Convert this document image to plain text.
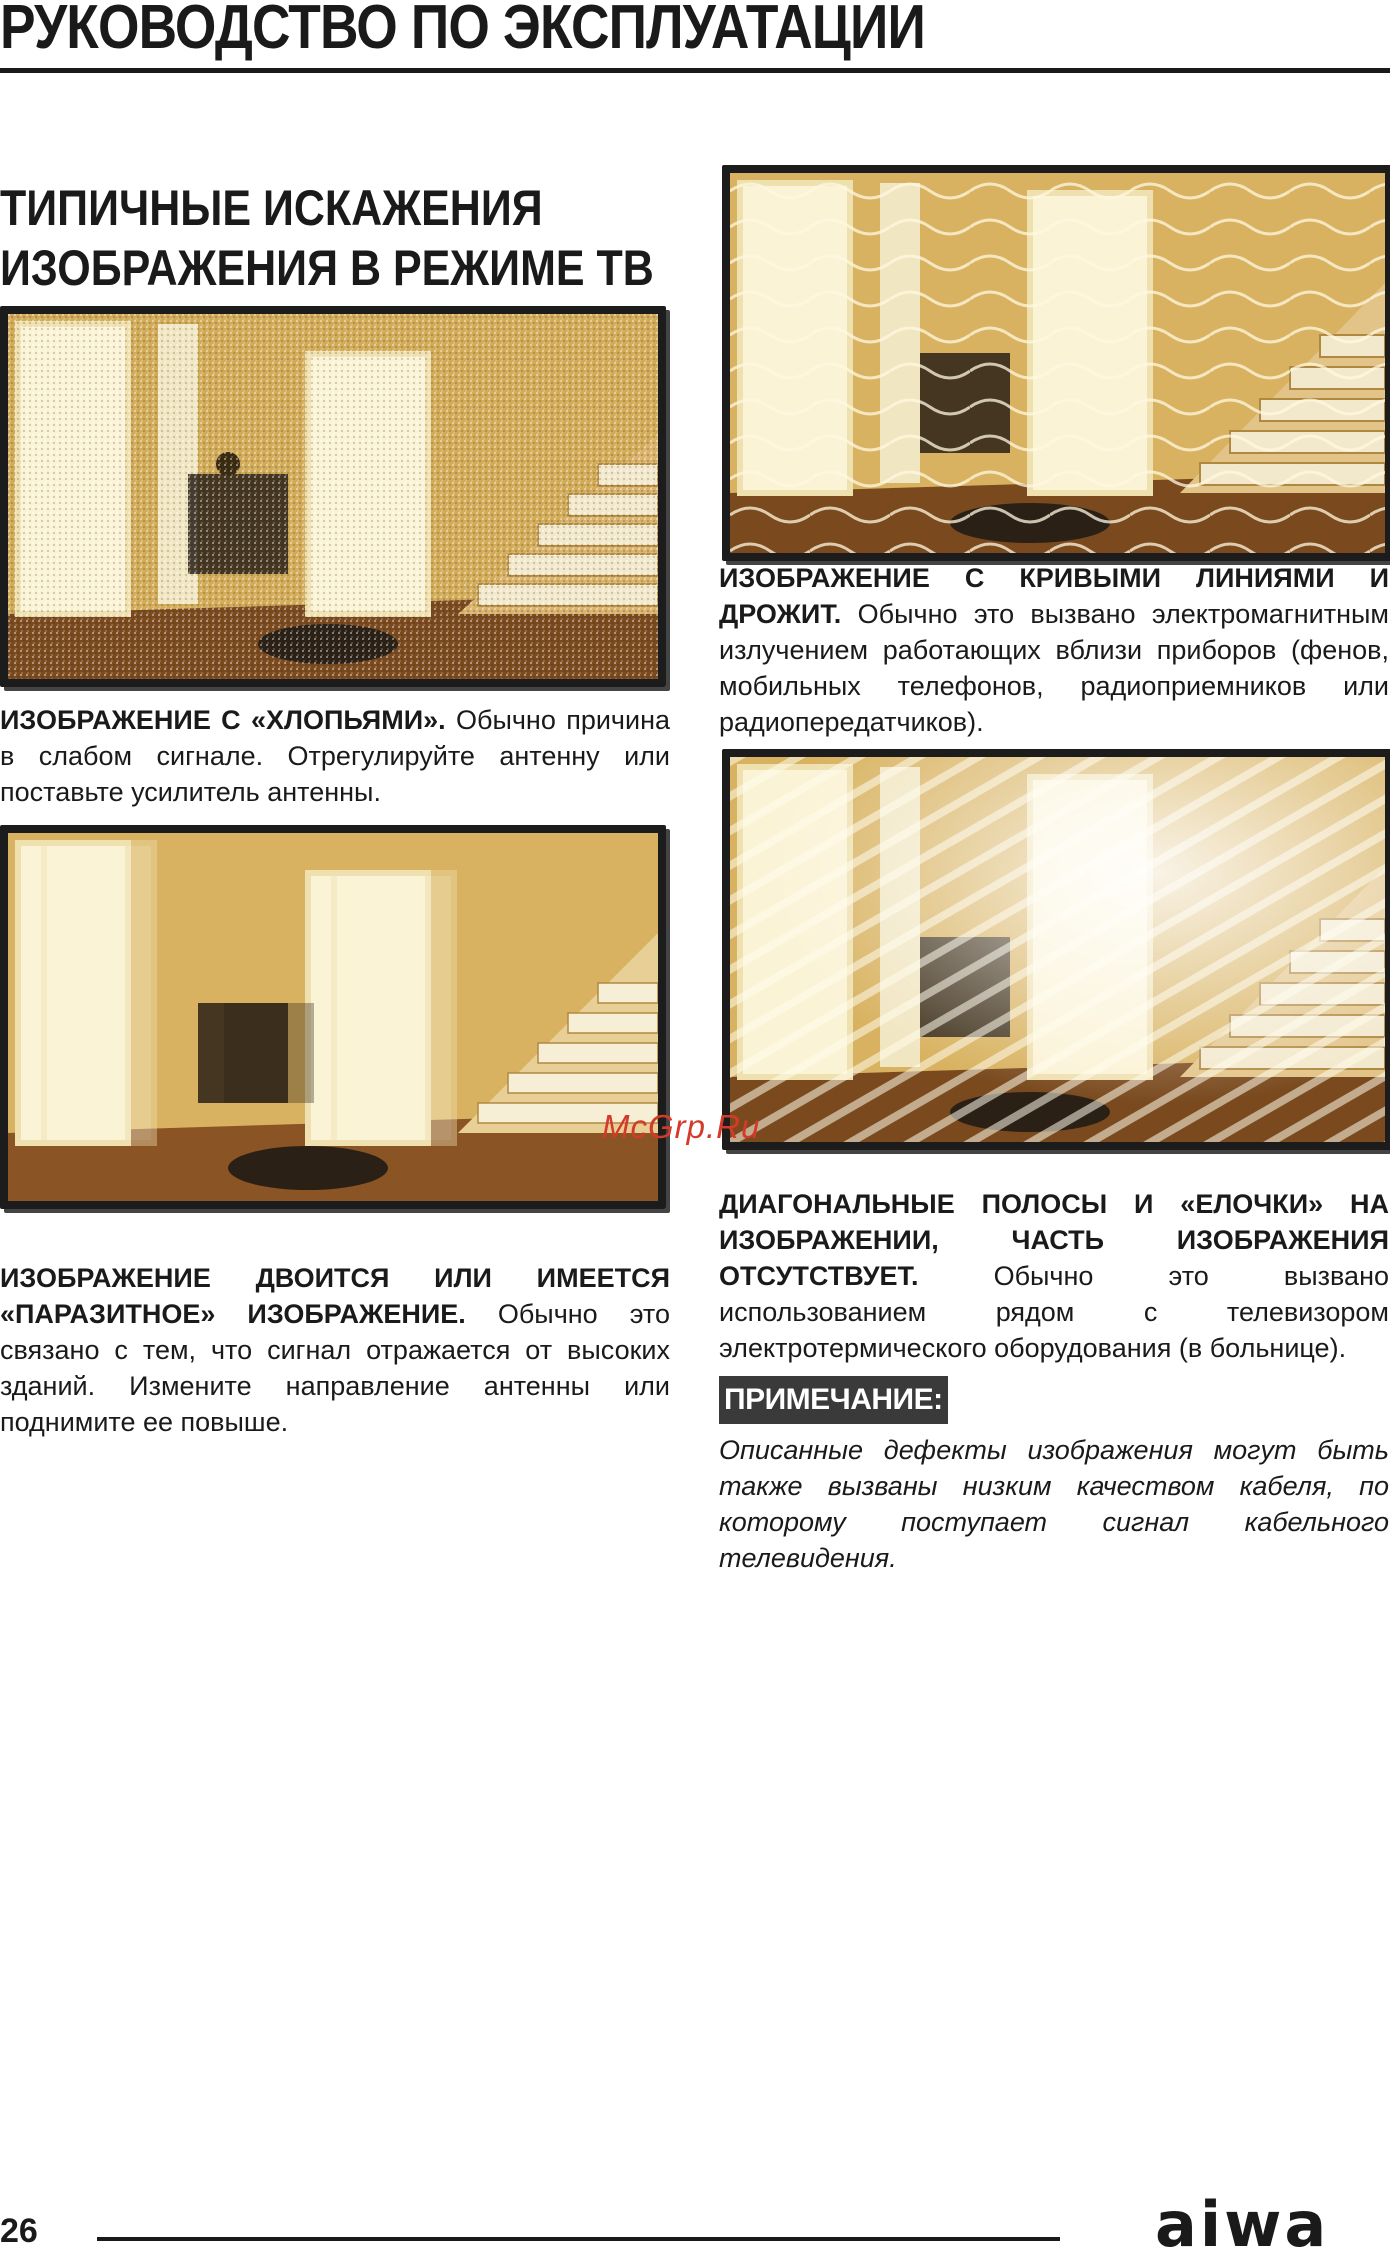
РУКОВОДСТВО ПО ЭКСПЛУАТАЦИИ
ТИПИЧНЫЕ ИСКАЖЕНИЯ
ИЗОБРАЖЕНИЯ В РЕЖИМЕ ТВ

ИЗОБРАЖЕНИЕ С «ХЛОПЬЯМИ». Обычно причина в слабом сигнале. Отрегулируйте антенну или поставьте усилитель антенны.

ИЗОБРАЖЕНИЕ ДВОИТСЯ ИЛИ ИМЕЕТСЯ «ПАРАЗИТНОЕ» ИЗОБРАЖЕНИЕ. Обычно это связано с тем, что сигнал отражается от высоких зданий. Измените направление антенны или поднимите ее повыше.

ИЗОБРАЖЕНИЕ С КРИВЫМИ ЛИНИЯМИ И ДРОЖИТ. Обычно это вызвано электромагнитным излучением работающих вблизи приборов (фенов, мобильных телефонов, радиоприемников или радиопередатчиков).

McGrp.Ru

ДИАГОНАЛЬНЫЕ ПОЛОСЫ И «ЕЛОЧКИ» НА ИЗОБРАЖЕНИИ, ЧАСТЬ ИЗОБРАЖЕНИЯ ОТСУТСТВУЕТ. Обычно это вызвано использованием рядом с телевизором электротермического оборудования (в больнице).

ПРИМЕЧАНИЕ:

Описанные дефекты изображения могут быть также вызваны низким качеством кабеля, по которому поступает сигнал кабельного телевидения.

26	aiwa
